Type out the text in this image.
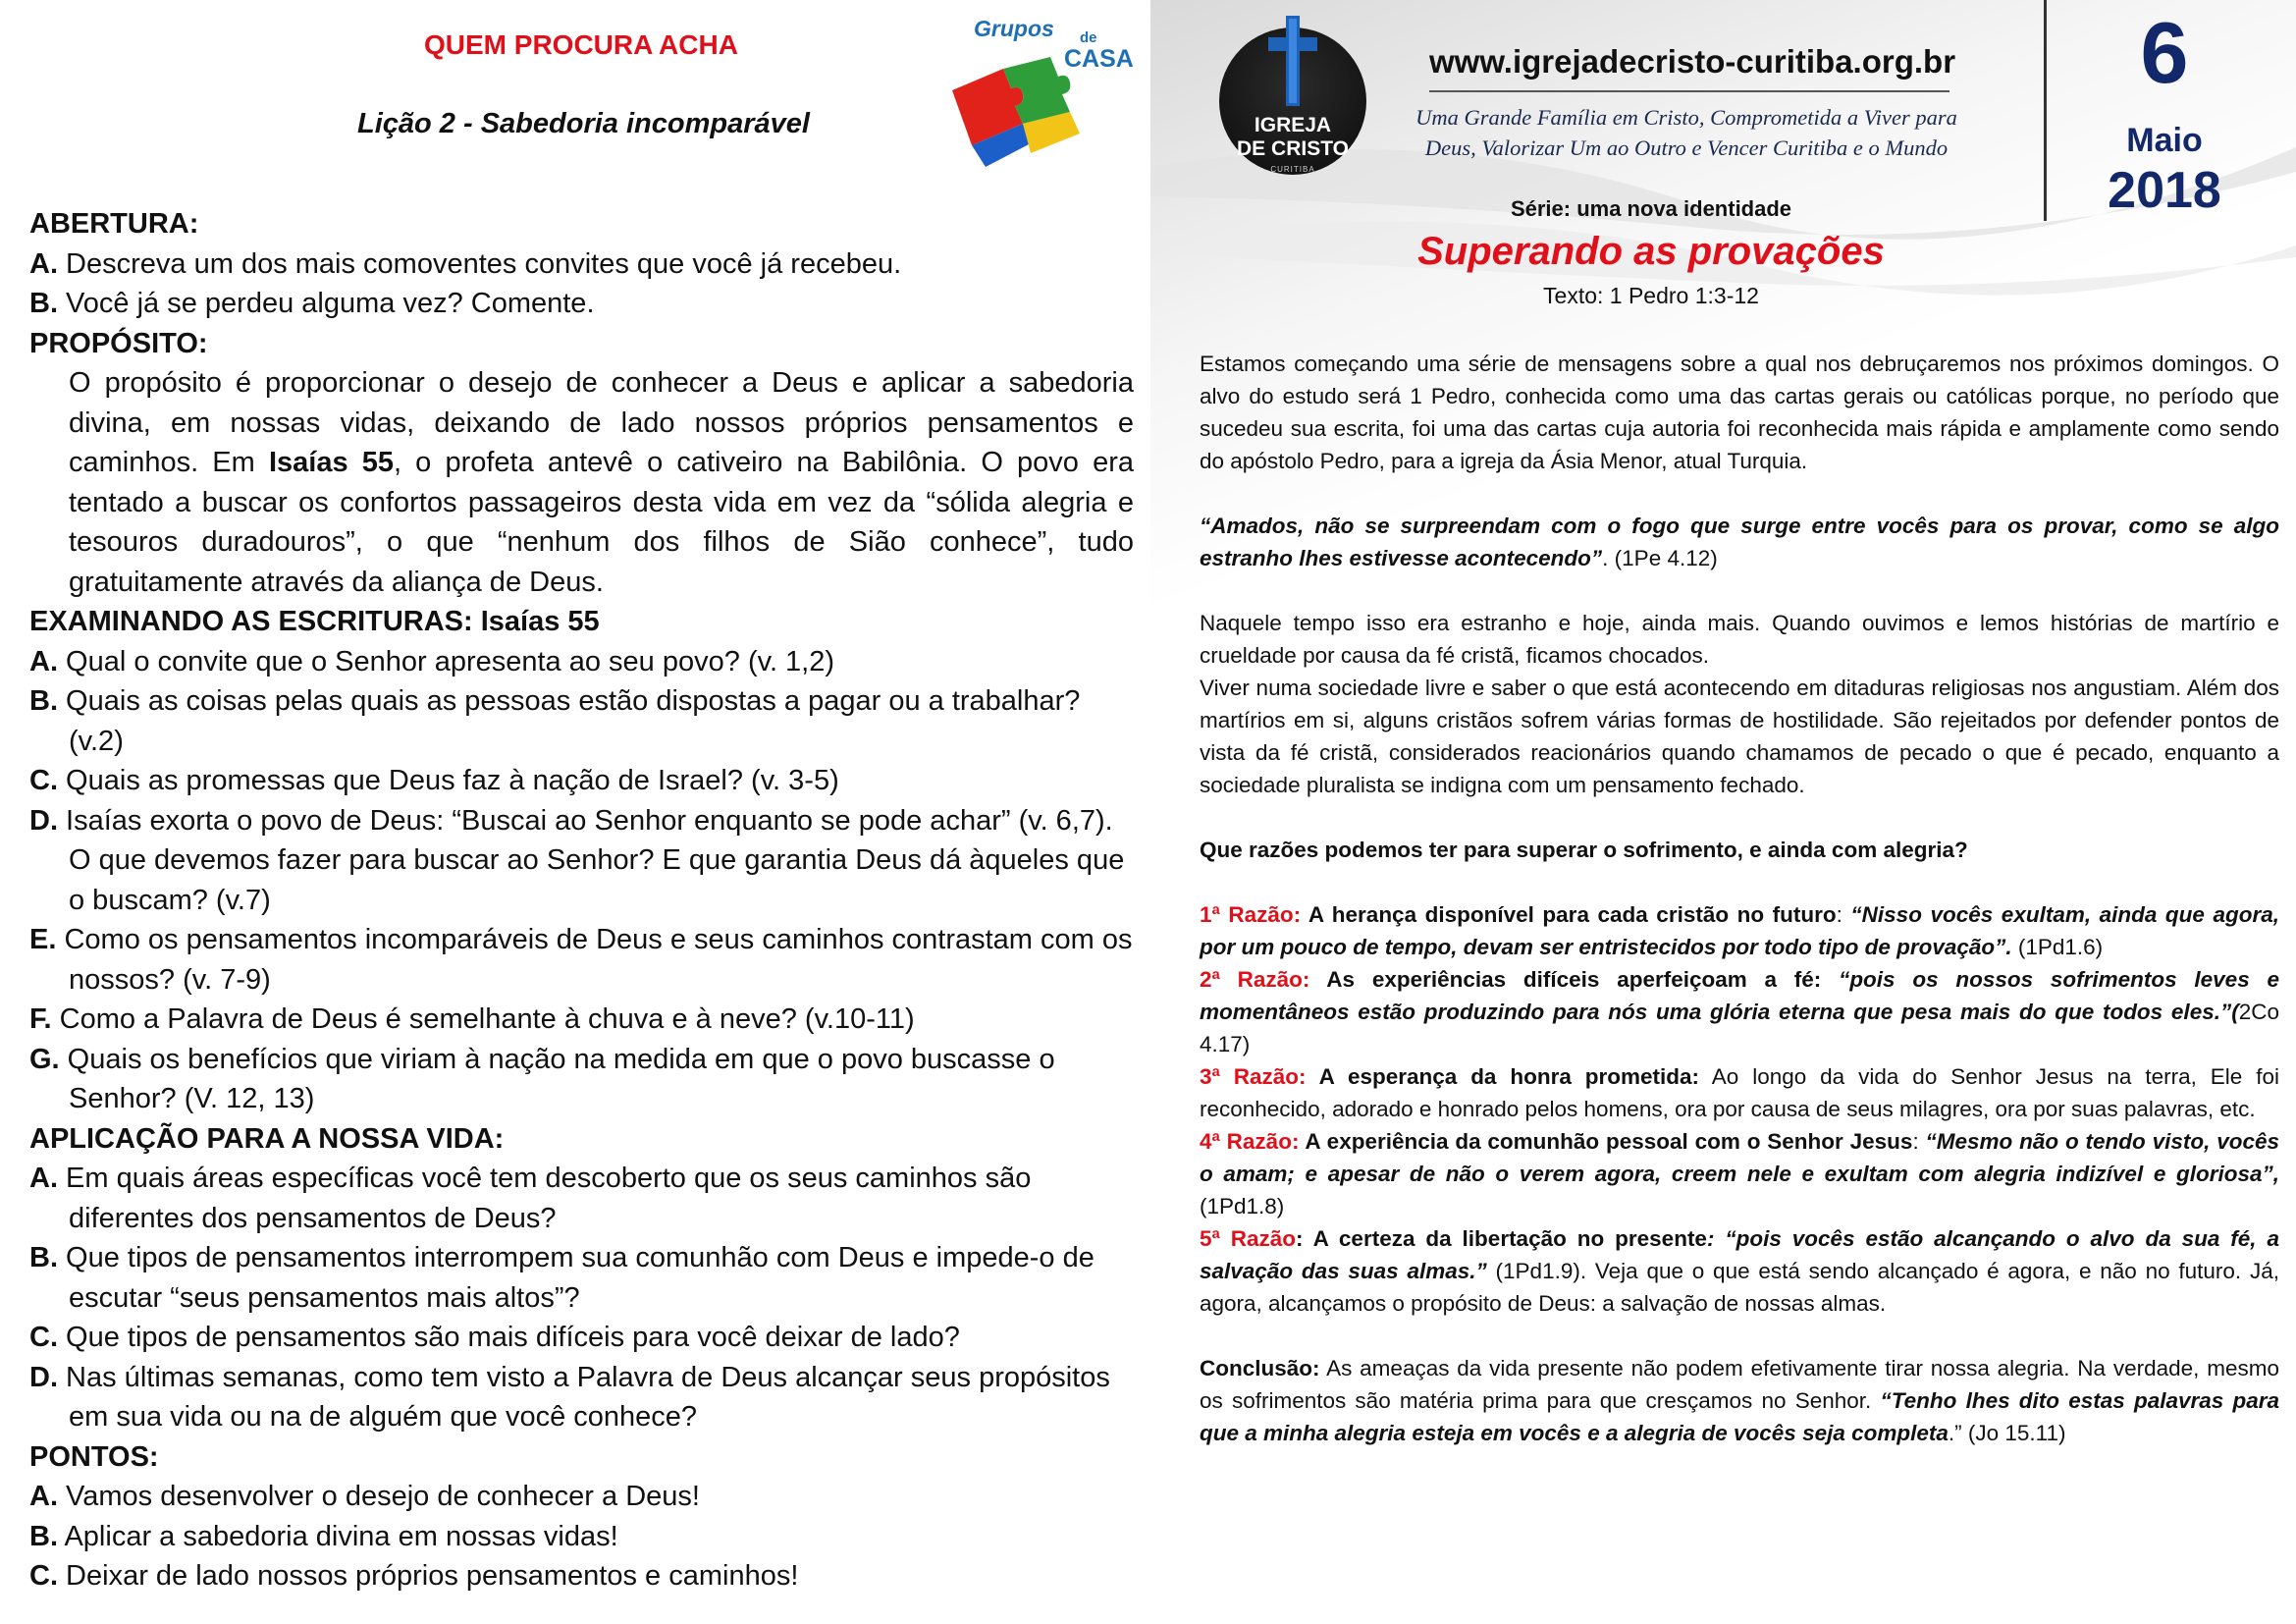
QUEM PROCURA ACHA
Lição 2 - Sabedoria incomparável
Grupos de
CASA
ABERTURA:
A. Descreva um dos mais comoventes convites que você já recebeu.
B. Você já se perdeu alguma vez? Comente.
PROPÓSITO:
O propósito é proporcionar o desejo de conhecer a Deus e aplicar a sabedoria divina, em nossas vidas, deixando de lado nossos próprios pensamentos e caminhos. Em Isaías 55, o profeta antevê o cativeiro na Babilônia. O povo era tentado a buscar os confortos passageiros desta vida em vez da “sólida alegria e tesouros duradouros”, o que “nenhum dos filhos de Sião conhece”, tudo gratuitamente através da aliança de Deus.
EXAMINANDO AS ESCRITURAS: Isaías 55
A. Qual o convite que o Senhor apresenta ao seu povo? (v. 1,2)
B. Quais as coisas pelas quais as pessoas estão dispostas a pagar ou a trabalhar? (v.2)
C. Quais as promessas que Deus faz à nação de Israel? (v. 3-5)
D. Isaías exorta o povo de Deus: “Buscai ao Senhor enquanto se pode achar” (v. 6,7). O que devemos fazer para buscar ao Senhor? E que garantia Deus dá àqueles que o buscam? (v.7)
E. Como os pensamentos incomparáveis de Deus e seus caminhos contrastam com os nossos? (v. 7-9)
F. Como a Palavra de Deus é semelhante à chuva e à neve? (v.10-11)
G. Quais os benefícios que viriam à nação na medida em que o povo buscasse o Senhor? (V. 12, 13)
APLICAÇÃO PARA A NOSSA VIDA:
A. Em quais áreas específicas você tem descoberto que os seus caminhos são diferentes dos pensamentos de Deus?
B. Que tipos de pensamentos interrompem sua comunhão com Deus e impede-o de escutar “seus pensamentos mais altos”?
C. Que tipos de pensamentos são mais difíceis para você deixar de lado?
D. Nas últimas semanas, como tem visto a Palavra de Deus alcançar seus propósitos em sua vida ou na de alguém que você conhece?
PONTOS:
A. Vamos desenvolver o desejo de conhecer a Deus!
B. Aplicar a sabedoria divina em nossas vidas!
C. Deixar de lado nossos próprios pensamentos e caminhos!
IGREJA
DE CRISTO
CURITIBA
www.igrejadecristo-curitiba.org.br
Uma Grande Família em Cristo, Comprometida a Viver para Deus, Valorizar Um ao Outro e Vencer Curitiba e o Mundo
6
Maio
2018
Série: uma nova identidade
Superando as provações
Texto: 1 Pedro 1:3-12

Estamos começando uma série de mensagens sobre a qual nos debruçaremos nos próximos domingos. O alvo do estudo será 1 Pedro, conhecida como uma das cartas gerais ou católicas porque, no período que sucedeu sua escrita, foi uma das cartas cuja autoria foi reconhecida mais rápida e amplamente como sendo do apóstolo Pedro, para a igreja da Ásia Menor, atual Turquia.

“Amados, não se surpreendam com o fogo que surge entre vocês para os provar, como se algo estranho lhes estivesse acontecendo”. (1Pe 4.12)

Naquele tempo isso era estranho e hoje, ainda mais. Quando ouvimos e lemos histórias de martírio e crueldade por causa da fé cristã, ficamos chocados.

Viver numa sociedade livre e saber o que está acontecendo em ditaduras religiosas nos angustiam. Além dos martírios em si, alguns cristãos sofrem várias formas de hostilidade. São rejeitados por defender pontos de vista da fé cristã, considerados reacionários quando chamamos de pecado o que é pecado, enquanto a sociedade pluralista se indigna com um pensamento fechado.

Que razões podemos ter para superar o sofrimento, e ainda com alegria?

1ª Razão: A herança disponível para cada cristão no futuro: “Nisso vocês exultam, ainda que agora, por um pouco de tempo, devam ser entristecidos por todo tipo de provação”. (1Pd1.6)

2ª Razão: As experiências difíceis aperfeiçoam a fé: “pois os nossos sofrimentos leves e momentâneos estão produzindo para nós uma glória eterna que pesa mais do que todos eles.”(2Co 4.17)

3ª Razão: A esperança da honra prometida: Ao longo da vida do Senhor Jesus na terra, Ele foi reconhecido, adorado e honrado pelos homens, ora por causa de seus milagres, ora por suas palavras, etc.

4ª Razão: A experiência da comunhão pessoal com o Senhor Jesus: “Mesmo não o tendo visto, vocês o amam; e apesar de não o verem agora, creem nele e exultam com alegria indizível e gloriosa”, (1Pd1.8)

5ª Razão: A certeza da libertação no presente: “pois vocês estão alcançando o alvo da sua fé, a salvação das suas almas.” (1Pd1.9). Veja que o que está sendo alcançado é agora, e não no futuro. Já, agora, alcançamos o propósito de Deus: a salvação de nossas almas.

Conclusão: As ameaças da vida presente não podem efetivamente tirar nossa alegria. Na verdade, mesmo os sofrimentos são matéria prima para que cresçamos no Senhor. “Tenho lhes dito estas palavras para que a minha alegria esteja em vocês e a alegria de vocês seja completa.” (Jo 15.11)
